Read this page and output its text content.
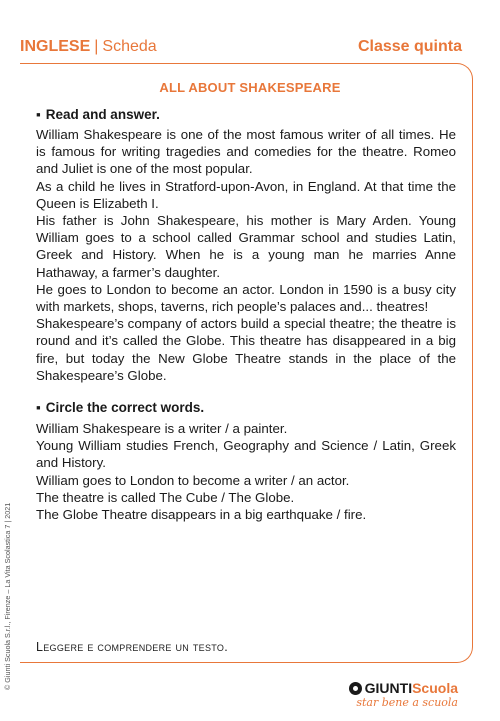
INGLESE | Scheda	Classe quinta
ALL ABOUT SHAKESPEARE
▪ Read and answer.

William Shakespeare is one of the most famous writer of all times. He is famous for writing tragedies and comedies for the theatre. Romeo and Juliet is one of the most popular.

As a child he lives in Stratford-upon-Avon, in England. At that time the Queen is Elizabeth I.

His father is John Shakespeare, his mother is Mary Arden. Young William goes to a school called Grammar school and studies Latin, Greek and History. When he is a young man he marries Anne Hathaway, a farmer’s daughter.

He goes to London to become an actor. London in 1590 is a busy city with markets, shops, taverns, rich people’s palaces and... theatres!

Shakespeare’s company of actors build a special theatre; the theatre is round and it’s called the Globe. This theatre has disappeared in a big fire, but today the New Globe Theatre stands in the place of the Shakespeare’s Globe.

▪ Circle the correct words.

William Shakespeare is a writer / a painter.

Young William studies French, Geography and Science / Latin, Greek and History.

William goes to London to become a writer / an actor.

The theatre is called The Cube / The Globe.

The Globe Theatre disappears in a big earthquake / fire.

Leggere e comprendere un testo.
© Giunti Scuola S.r.l., Firenze – La Vita Scolastica 7 | 2021	GIUNTI Scuola
star bene a scuola
